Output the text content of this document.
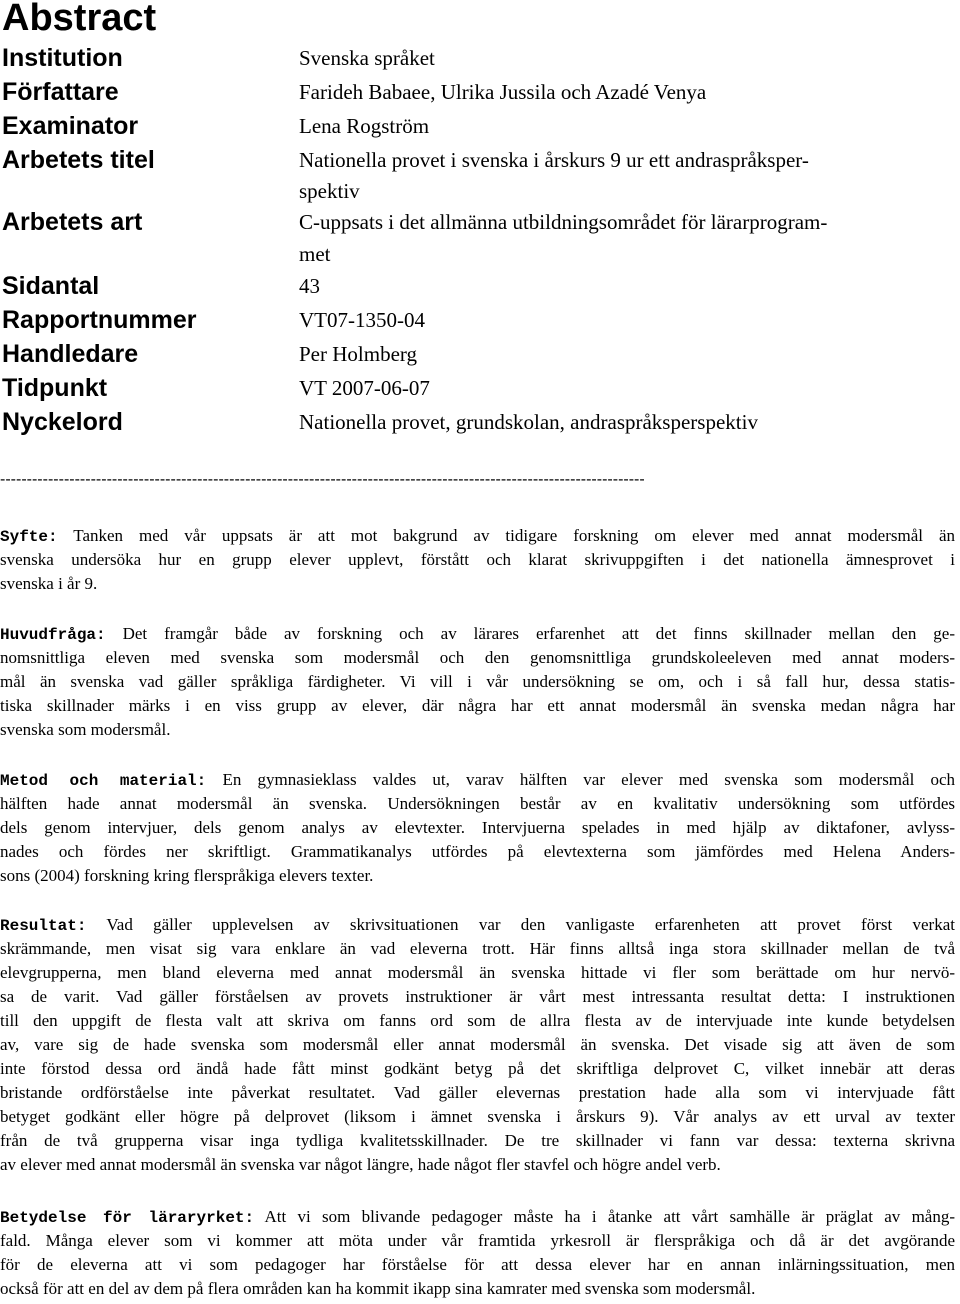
Abstract
Institution	Svenska språket
Författare	Farideh Babaee, Ulrika Jussila och Azadé Venya
Examinator	Lena Rogström
Arbetets titel	Nationella provet i svenska i årskurs 9 ur ett andraspråksper-
spektiv
Arbetets art	C-uppsats i det allmänna utbildningsområdet för lärarprogram-
met
Sidantal	43
Rapportnummer	VT07-1350-04
Handledare	Per Holmberg
Tidpunkt	VT 2007-06-07
Nyckelord	Nationella provet, grundskolan, andraspråksperspektiv
-------------------------------------------------------------------------------------------------------------------------
Syfte: Tanken med vår uppsats är att mot bakgrund av tidigare forskning om elever med annat modersmål än
svenska undersöka hur en grupp elever upplevt, förstått och klarat skrivuppgiften i det nationella ämnesprovet i
svenska i år 9.
Huvudfråga: Det framgår både av forskning och av lärares erfarenhet att det finns skillnader mellan den ge-
nomsnittliga eleven med svenska som modersmål och den genomsnittliga grundskoleeleven med annat moders-
mål än svenska vad gäller språkliga färdigheter. Vi vill i vår undersökning se om, och i så fall hur, dessa statis-
tiska skillnader märks i en viss grupp av elever, där några har ett annat modersmål än svenska medan några har
svenska som modersmål.
Metod och material: En gymnasieklass valdes ut, varav hälften var elever med svenska som modersmål och
hälften hade annat modersmål än svenska. Undersökningen består av en kvalitativ undersökning som utfördes
dels genom intervjuer, dels genom analys av elevtexter. Intervjuerna spelades in med hjälp av diktafoner, avlyss-
nades och fördes ner skriftligt. Grammatikanalys utfördes på elevtexterna som jämfördes med Helena Anders-
sons (2004) forskning kring flerspråkiga elevers texter.
Resultat: Vad gäller upplevelsen av skrivsituationen var den vanligaste erfarenheten att provet först verkat
skrämmande, men visat sig vara enklare än vad eleverna trott. Här finns alltså inga stora skillnader mellan de två
elevgrupperna, men bland eleverna med annat modersmål än svenska hittade vi fler som berättade om hur nervö-
sa de varit. Vad gäller förståelsen av provets instruktioner är vårt mest intressanta resultat detta: I instruktionen
till den uppgift de flesta valt att skriva om fanns ord som de allra flesta av de intervjuade inte kunde betydelsen
av, vare sig de hade svenska som modersmål eller annat modersmål än svenska. Det visade sig att även de som
inte förstod dessa ord ändå hade fått minst godkänt betyg på det skriftliga delprovet C, vilket innebär att deras
bristande ordförståelse inte påverkat resultatet. Vad gäller elevernas prestation hade alla som vi intervjuade fått
betyget godkänt eller högre på delprovet (liksom i ämnet svenska i årskurs 9). Vår analys av ett urval av texter
från de två grupperna visar inga tydliga kvalitetsskillnader. De tre skillnader vi fann var dessa: texterna skrivna
av elever med annat modersmål än svenska var något längre, hade något fler stavfel och högre andel verb.
Betydelse för läraryrket: Att vi som blivande pedagoger måste ha i åtanke att vårt samhälle är präglat av mång-
fald. Många elever som vi kommer att möta under vår framtida yrkesroll är flerspråkiga och då är det avgörande
för de eleverna att vi som pedagoger har förståelse för att dessa elever har en annan inlärningssituation, men
också för att en del av dem på flera områden kan ha kommit ikapp sina kamrater med svenska som modersmål.
